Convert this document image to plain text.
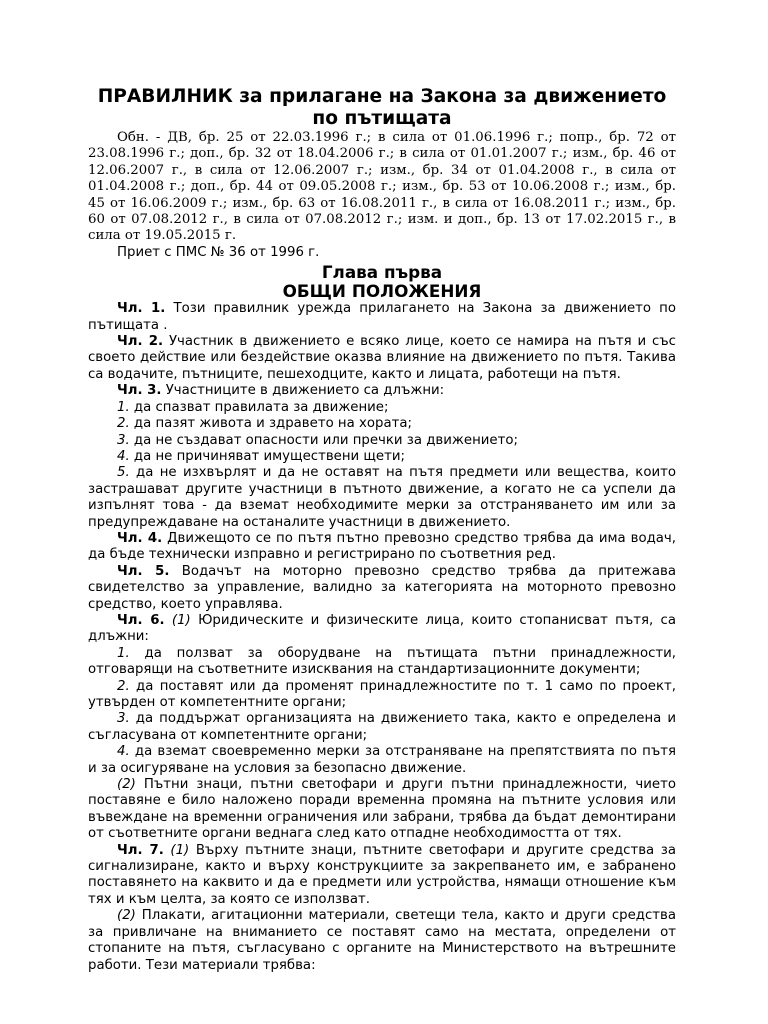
ПРАВИЛНИК за прилагане на Закона за движението по пътищата

Обн. - ДВ, бр. 25 от 22.03.1996 г.; в сила от 01.06.1996 г.; попр., бр. 72 от 23.08.1996 г.; доп., бр. 32 от 18.04.2006 г.; в сила от 01.01.2007 г.; изм., бр. 46 от 12.06.2007 г., в сила от 12.06.2007 г.; изм., бр. 34 от 01.04.2008 г., в сила от 01.04.2008 г.; доп., бр. 44 от 09.05.2008 г.; изм., бр. 53 от 10.06.2008 г.; изм., бр. 45 от 16.06.2009 г.; изм., бр. 63 от 16.08.2011 г., в сила от 16.08.2011 г.; изм., бр. 60 от 07.08.2012 г., в сила от 07.08.2012 г.; изм. и доп., бр. 13 от 17.02.2015 г., в сила от 19.05.2015 г.

Приет с ПМС № 36 от 1996 г.

Глава първа
ОБЩИ ПОЛОЖЕНИЯ

Чл. 1. Този правилник урежда прилагането на Закона за движението по пътищата .

Чл. 2. Участник в движението е всяко лице, което се намира на пътя и със своето действие или бездействие оказва влияние на движението по пътя. Такива са водачите, пътниците, пешеходците, както и лицата, работещи на пътя.

Чл. 3. Участниците в движението са длъжни:

1. да спазват правилата за движение;

2. да пазят живота и здравето на хората;

3. да не създават опасности или пречки за движението;

4. да не причиняват имуществени щети;

5. да не изхвърлят и да не оставят на пътя предмети или вещества, които застрашават другите участници в пътното движение, а когато не са успели да изпълнят това - да вземат необходимите мерки за отстраняването им или за предупреждаване на останалите участници в движението.

Чл. 4. Движещото се по пътя пътно превозно средство трябва да има водач, да бъде технически изправно и регистрирано по съответния ред.

Чл. 5. Водачът на моторно превозно средство трябва да притежава свидетелство за управление, валидно за категорията на моторното превозно средство, което управлява.

Чл. 6. (1) Юридическите и физическите лица, които стопанисват пътя, са длъжни:

1. да ползват за оборудване на пътищата пътни принадлежности, отговарящи на съответните изисквания на стандартизационните документи;

2. да поставят или да променят принадлежностите по т. 1 само по проект, утвърден от компетентните органи;

3. да поддържат организацията на движението така, както е определена и съгласувана от компетентните органи;

4. да вземат своевременно мерки за отстраняване на препятствията по пътя и за осигуряване на условия за безопасно движение.

(2) Пътни знаци, пътни светофари и други пътни принадлежности, чието поставяне е било наложено поради временна промяна на пътните условия или въвеждане на временни ограничения или забрани, трябва да бъдат демонтирани от съответните органи веднага след като отпадне необходимостта от тях.

Чл. 7. (1) Върху пътните знаци, пътните светофари и другите средства за сигнализиране, както и върху конструкциите за закрепването им, е забранено поставянето на каквито и да е предмети или устройства, нямащи отношение към тях и към целта, за която се използват.

(2) Плакати, агитационни материали, светещи тела, както и други средства за привличане на вниманието се поставят само на местата, определени от стопаните на пътя, съгласувано с органите на Министерството на вътрешните работи. Тези материали трябва:
